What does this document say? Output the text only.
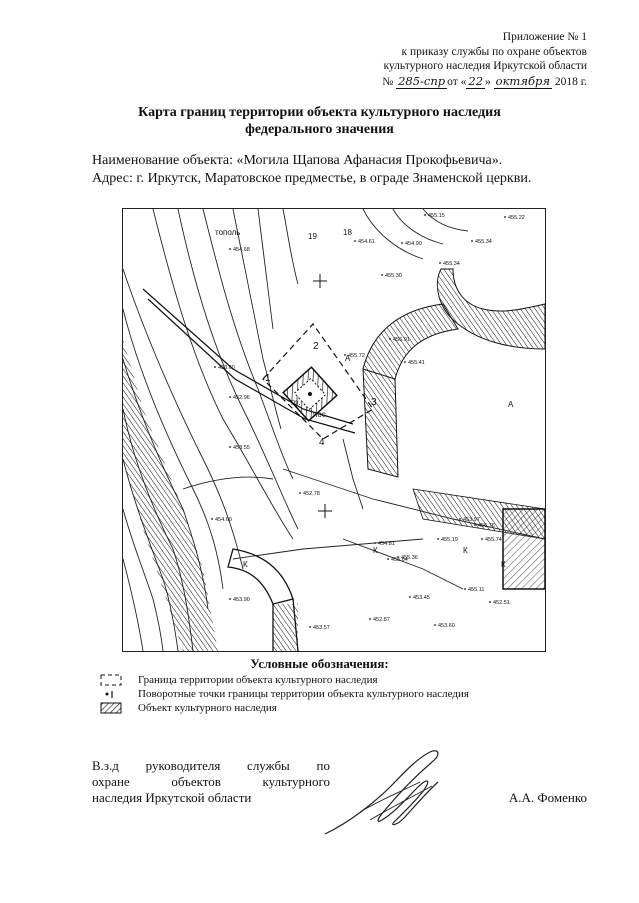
Приложение № 1
к приказу службы по охране объектов
культурного наследия Иркутской области
№ 285-спр от « 22 » октября 2018 г.
Карта границ территории объекта культурного наследия
федерального значения
Наименование объекта: «Могила Щапова Афанасия Прокофьевича».
Адрес: г. Иркутск, Маратовское предместье, в ограде Знаменской церкви.
455.15	455.22
454.61	454.90	455.34
455.30
454.68
455.34
455.72
456.91
455.41
453.60
452.96
453.55
454.60
454.81
455.36
453.90
453.57
452.87
453.45
455.11
452.51
453.97
456.76
455.74
455.64
452.78
453.60
455.19
1
2
3
4
тополь
пос.
гр.
19	18
А
А
К
К	К
К
Условные обозначения:
Граница территории объекта культурного наследия
Поворотные точки границы территории объекта культурного наследия
Объект культурного наследия
В.з.д руководителя службы по
охране объектов культурного
наследия Иркутской области	А.А. Фоменко
